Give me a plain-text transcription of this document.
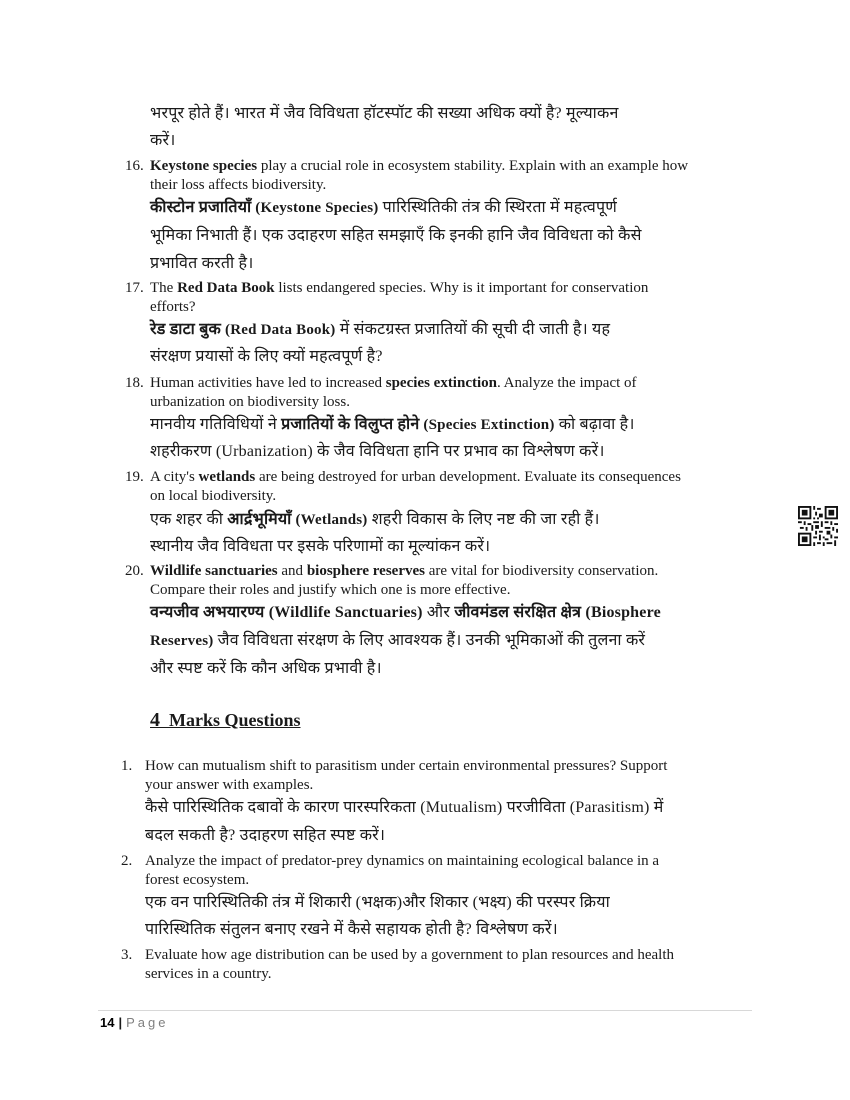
भरपूर होते हैं। भारत में जैव विविधता हॉटस्पॉट की सख्या अधिक क्यों है? मूल्याकन
करें।
16. Keystone species play a crucial role in ecosystem stability. Explain with an example how
their loss affects biodiversity.
कीस्टोन प्रजातियाँ (Keystone Species) पारिस्थितिकी तंत्र की स्थिरता में महत्वपूर्ण
भूमिका निभाती हैं। एक उदाहरण सहित समझाएँ कि इनकी हानि जैव विविधता को कैसे
प्रभावित करती है।
17. The Red Data Book lists endangered species. Why is it important for conservation
efforts?
रेड डाटा बुक (Red Data Book) में संकटग्रस्त प्रजातियों की सूची दी जाती है। यह
संरक्षण प्रयासों के लिए क्यों महत्वपूर्ण है?
18. Human activities have led to increased species extinction. Analyze the impact of
urbanization on biodiversity loss.
मानवीय गतिविधियों ने प्रजातियों के विलुप्त होने (Species Extinction) को बढ़ावा है।
शहरीकरण (Urbanization) के जैव विविधता हानि पर प्रभाव का विश्लेषण करें।
19. A city's wetlands are being destroyed for urban development. Evaluate its consequences
on local biodiversity.
एक शहर की आर्द्रभूमियाँ (Wetlands) शहरी विकास के लिए नष्ट की जा रही हैं।
स्थानीय जैव विविधता पर इसके परिणामों का मूल्यांकन करें।
20. Wildlife sanctuaries and biosphere reserves are vital for biodiversity conservation.
Compare their roles and justify which one is more effective.
वन्यजीव अभयारण्य (Wildlife Sanctuaries) और जीवमंडल संरक्षित क्षेत्र (Biosphere
Reserves) जैव विविधता संरक्षण के लिए आवश्यक हैं। उनकी भूमिकाओं की तुलना करें
और स्पष्ट करें कि कौन अधिक प्रभावी है।
4 Marks Questions
1. How can mutualism shift to parasitism under certain environmental pressures? Support
your answer with examples.
कैसे पारिस्थितिक दबावों के कारण पारस्परिकता (Mutualism) परजीविता (Parasitism) में
बदल सकती है? उदाहरण सहित स्पष्ट करें।
2. Analyze the impact of predator-prey dynamics on maintaining ecological balance in a
forest ecosystem.
एक वन पारिस्थितिकी तंत्र में शिकारी (भक्षक)और शिकार (भक्ष्य) की परस्पर क्रिया
पारिस्थितिक संतुलन बनाए रखने में कैसे सहायक होती है? विश्लेषण करें।
3. Evaluate how age distribution can be used by a government to plan resources and health
services in a country.
14 | Page
